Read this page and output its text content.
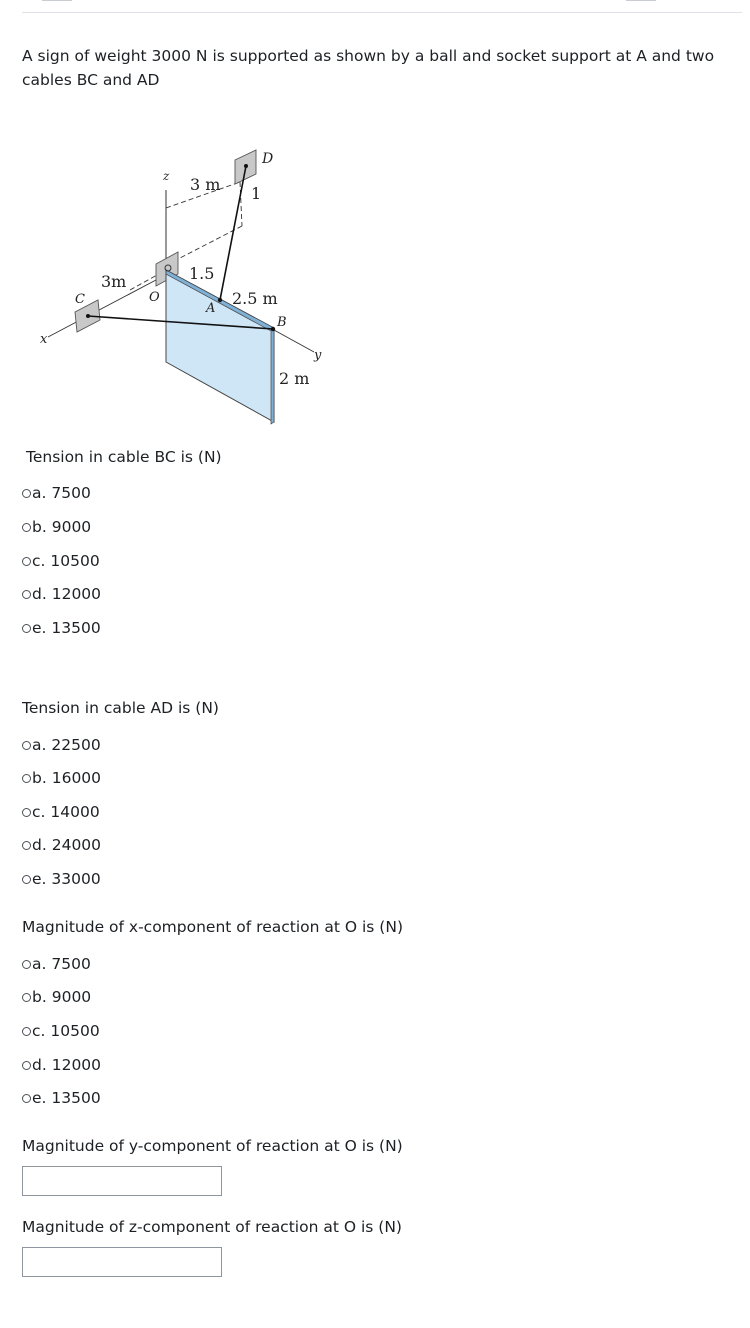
A sign of weight 3000 N is supported as shown by a ball and socket support at A and two cables BC and AD
z 3 m
D
1
3m
C	O
1.5
A
2.5 m
B
x
y
2 m
Tension in cable BC is (N)
a.
7500
b.
9000
c.
10500
d.
12000
e.
13500
Tension in cable AD is (N)
a.
22500
b.
16000
c.
14000
d.
24000
e.
33000
Magnitude of x-component of reaction at O is (N)
a.
7500
b.
9000
c.
10500
d.
12000
e.
13500
Magnitude of y-component of reaction at O is (N)
Magnitude of z-component of reaction at O is (N)
